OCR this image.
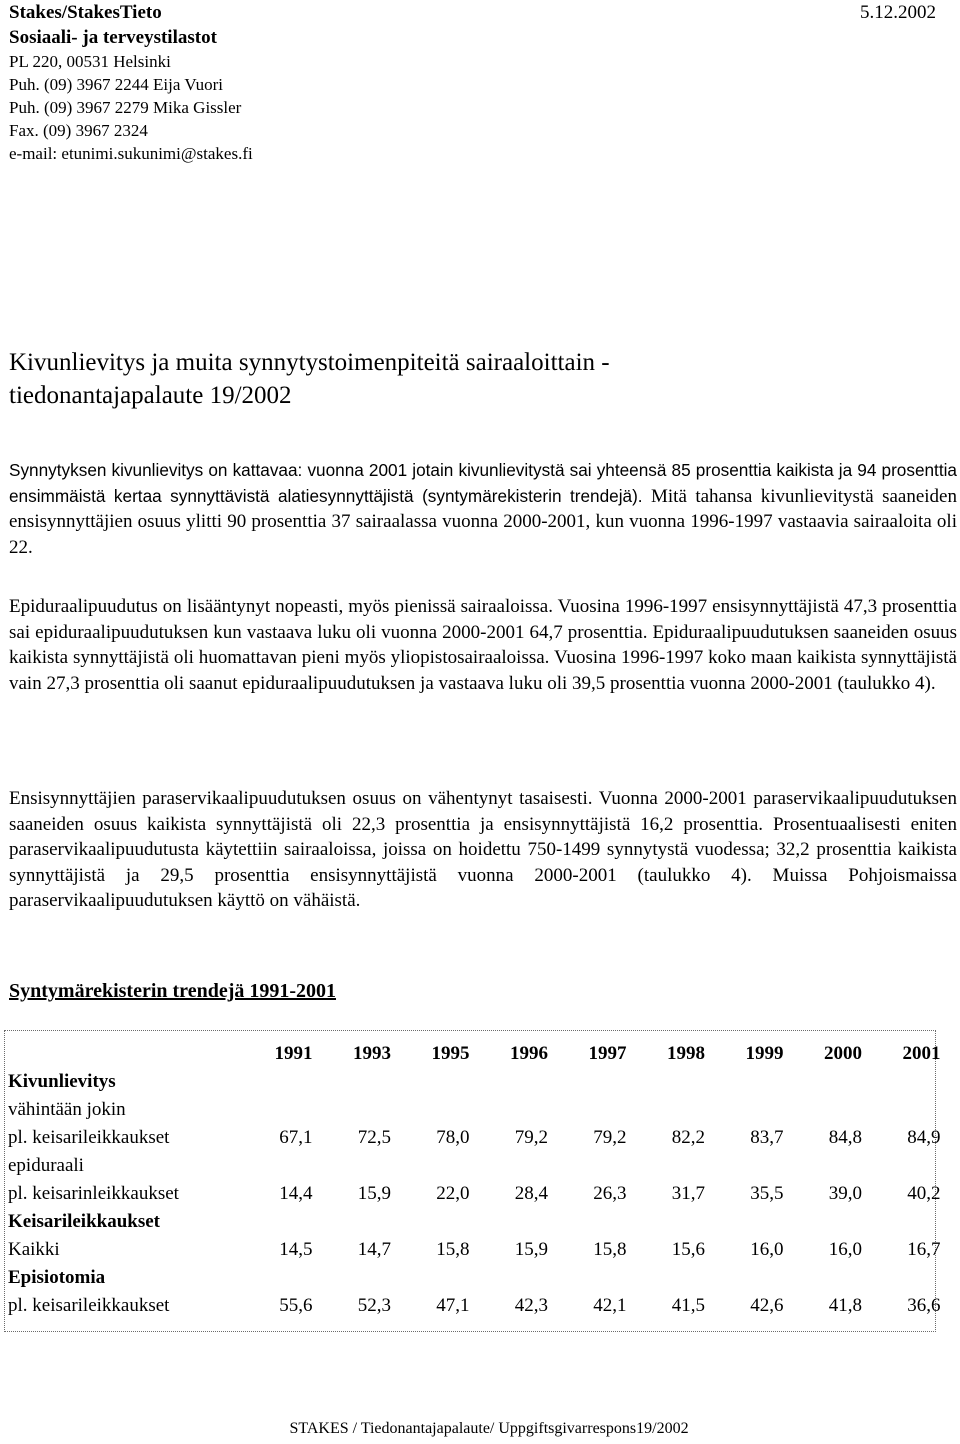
Stakes/StakesTieto
Sosiaali- ja terveystilastot
PL 220, 00531 Helsinki
Puh. (09) 3967 2244 Eija Vuori
Puh. (09) 3967 2279 Mika Gissler
Fax. (09) 3967 2324
e-mail: etunimi.sukunimi@stakes.fi
5.12.2002
Kivunlievitys ja muita synnytystoimenpiteitä sairaaloittain -
tiedonantajapalaute 19/2002
Synnytyksen kivunlievitys on kattavaa: vuonna 2001 jotain kivunlievitystä sai yhteensä 85 prosenttia kaikista ja 94 prosenttia ensimmäistä kertaa synnyttävistä alatiesynnyttäjistä (syntymärekisterin trendejä). Mitä tahansa kivunlievitystä saaneiden ensisynnyttäjien osuus ylitti 90 prosenttia 37 sairaalassa vuonna 2000-2001, kun vuonna 1996-1997 vastaavia sairaaloita oli 22.
Epiduraalipuudutus on lisääntynyt nopeasti, myös pienissä sairaaloissa. Vuosina 1996-1997 ensisynnyttäjistä 47,3 prosenttia sai epiduraalipuudutuksen kun vastaava luku oli vuonna 2000-2001 64,7 prosenttia. Epiduraalipuudutuksen saaneiden osuus kaikista synnyttäjistä oli huomattavan pieni myös yliopistosairaaloissa. Vuosina 1996-1997 koko maan kaikista synnyttäjistä vain 27,3 prosenttia oli saanut epiduraalipuudutuksen ja vastaava luku oli 39,5 prosenttia vuonna 2000-2001 (taulukko 4).
Ensisynnyttäjien paraservikaalipuudutuksen osuus on vähentynyt tasaisesti. Vuonna 2000-2001 paraservikaalipuudutuksen saaneiden osuus kaikista synnyttäjistä oli 22,3 prosenttia ja ensisynnyttäjistä 16,2 prosenttia. Prosentuaalisesti eniten paraservikaalipuudutusta käytettiin sairaaloissa, joissa on hoidettu 750-1499 synnytystä vuodessa; 32,2 prosenttia kaikista synnyttäjistä ja 29,5 prosenttia ensisynnyttäjistä vuonna 2000-2001 (taulukko 4). Muissa Pohjoismaissa paraservikaalipuudutuksen käyttö on vähäistä.
Syntymärekisterin trendejä 1991-2001
	1991	1993	1995	1996	1997	1998	1999	2000	2001
Kivunlievitys									
vähintään jokin									
pl. keisarileikkaukset	67,1	72,5	78,0	79,2	79,2	82,2	83,7	84,8	84,9
epiduraali									
pl. keisarinleikkaukset	14,4	15,9	22,0	28,4	26,3	31,7	35,5	39,0	40,2
Keisarileikkaukset									
Kaikki	14,5	14,7	15,8	15,9	15,8	15,6	16,0	16,0	16,7
Episiotomia									
pl. keisarileikkaukset	55,6	52,3	47,1	42,3	42,1	41,5	42,6	41,8	36,6
STAKES / Tiedonantajapalaute/ Uppgiftsgivarrespons19/2002
